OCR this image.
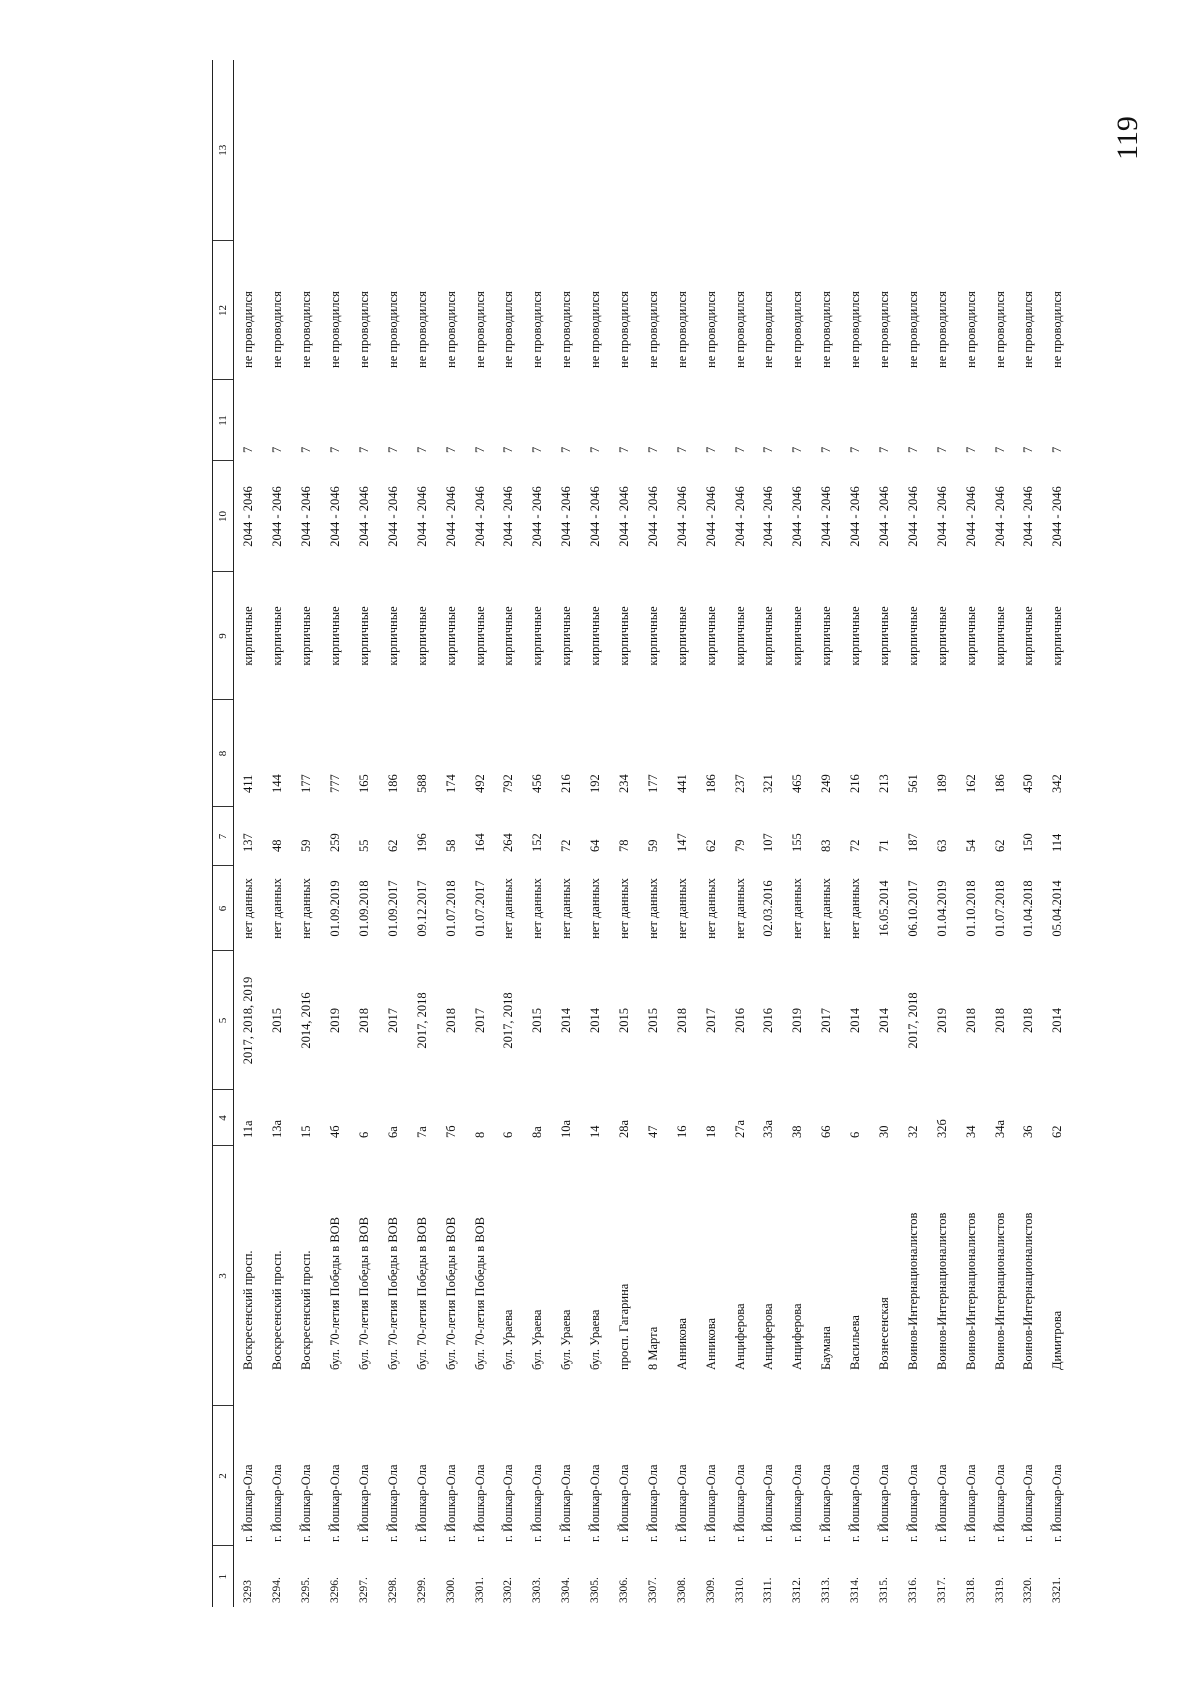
119
1	2	3	4	5	6	7	8	9	10	11	12	13
3293	г. Йошкар-Ола	Воскресенский просп.	11а	2017, 2018, 2019	нет данных	137	411	кирпичные	2044 - 2046	7	не проводился	
3294.	г. Йошкар-Ола	Воскресенский просп.	13а	2015	нет данных	48	144	кирпичные	2044 - 2046	7	не проводился	
3295.	г. Йошкар-Ола	Воскресенский просп.	15	2014, 2016	нет данных	59	177	кирпичные	2044 - 2046	7	не проводился	
3296.	г. Йошкар-Ола	бул. 70-летия Победы в ВОВ	4б	2019	01.09.2019	259	777	кирпичные	2044 - 2046	7	не проводился	
3297.	г. Йошкар-Ола	бул. 70-летия Победы в ВОВ	6	2018	01.09.2018	55	165	кирпичные	2044 - 2046	7	не проводился	
3298.	г. Йошкар-Ола	бул. 70-летия Победы в ВОВ	6а	2017	01.09.2017	62	186	кирпичные	2044 - 2046	7	не проводился	
3299.	г. Йошкар-Ола	бул. 70-летия Победы в ВОВ	7а	2017, 2018	09.12.2017	196	588	кирпичные	2044 - 2046	7	не проводился	
3300.	г. Йошкар-Ола	бул. 70-летия Победы в ВОВ	7б	2018	01.07.2018	58	174	кирпичные	2044 - 2046	7	не проводился	
3301.	г. Йошкар-Ола	бул. 70-летия Победы в ВОВ	8	2017	01.07.2017	164	492	кирпичные	2044 - 2046	7	не проводился	
3302.	г. Йошкар-Ола	бул. Ураева	6	2017, 2018	нет данных	264	792	кирпичные	2044 - 2046	7	не проводился	
3303.	г. Йошкар-Ола	бул. Ураева	8а	2015	нет данных	152	456	кирпичные	2044 - 2046	7	не проводился	
3304.	г. Йошкар-Ола	бул. Ураева	10а	2014	нет данных	72	216	кирпичные	2044 - 2046	7	не проводился	
3305.	г. Йошкар-Ола	бул. Ураева	14	2014	нет данных	64	192	кирпичные	2044 - 2046	7	не проводился	
3306.	г. Йошкар-Ола	просп. Гагарина	28а	2015	нет данных	78	234	кирпичные	2044 - 2046	7	не проводился	
3307.	г. Йошкар-Ола	8 Марта	47	2015	нет данных	59	177	кирпичные	2044 - 2046	7	не проводился	
3308.	г. Йошкар-Ола	Анникова	16	2018	нет данных	147	441	кирпичные	2044 - 2046	7	не проводился	
3309.	г. Йошкар-Ола	Анникова	18	2017	нет данных	62	186	кирпичные	2044 - 2046	7	не проводился	
3310.	г. Йошкар-Ола	Анциферова	27а	2016	нет данных	79	237	кирпичные	2044 - 2046	7	не проводился	
3311.	г. Йошкар-Ола	Анциферова	33а	2016	02.03.2016	107	321	кирпичные	2044 - 2046	7	не проводился	
3312.	г. Йошкар-Ола	Анциферова	38	2019	нет данных	155	465	кирпичные	2044 - 2046	7	не проводился	
3313.	г. Йошкар-Ола	Баумана	66	2017	нет данных	83	249	кирпичные	2044 - 2046	7	не проводился	
3314.	г. Йошкар-Ола	Васильева	6	2014	нет данных	72	216	кирпичные	2044 - 2046	7	не проводился	
3315.	г. Йошкар-Ола	Вознесенская	30	2014	16.05.2014	71	213	кирпичные	2044 - 2046	7	не проводился	
3316.	г. Йошкар-Ола	Воинов-Интернационалистов	32	2017, 2018	06.10.2017	187	561	кирпичные	2044 - 2046	7	не проводился	
3317.	г. Йошкар-Ола	Воинов-Интернационалистов	32б	2019	01.04.2019	63	189	кирпичные	2044 - 2046	7	не проводился	
3318.	г. Йошкар-Ола	Воинов-Интернационалистов	34	2018	01.10.2018	54	162	кирпичные	2044 - 2046	7	не проводился	
3319.	г. Йошкар-Ола	Воинов-Интернационалистов	34а	2018	01.07.2018	62	186	кирпичные	2044 - 2046	7	не проводился	
3320.	г. Йошкар-Ола	Воинов-Интернационалистов	36	2018	01.04.2018	150	450	кирпичные	2044 - 2046	7	не проводился	
3321.	г. Йошкар-Ола	Димитрова	62	2014	05.04.2014	114	342	кирпичные	2044 - 2046	7	не проводился	
